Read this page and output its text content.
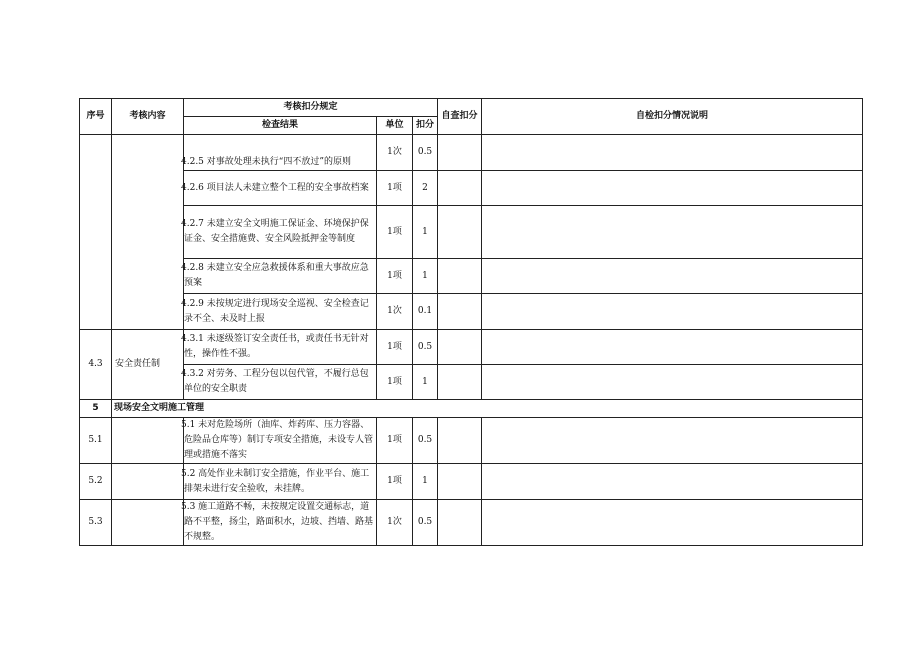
序号	考核内容	考核扣分规定			自查扣分	自检扣分情况说明
		检查结果	单位	扣分		
		4.2.5 对事故处理未执行“四不放过”的原则	1次	0.5		
		4.2.6 项目法人未建立整个工程的安全事故档案	1项	2		
		4.2.7 未建立安全文明施工保证金、环境保护保证金、安全措施费、安全风险抵押金等制度	1项	1		
		4.2.8 未建立安全应急救援体系和重大事故应急预案	1项	1		
		4.2.9 未按规定进行现场安全巡视、安全检查记录不全、未及时上报	1次	0.1		
4.3	安全责任制	4.3.1 未逐级签订安全责任书，或责任书无针对性，操作性不强。	1项	0.5		
		4.3.2 对劳务、工程分包以包代管，不履行总包单位的安全职责	1项	1		
5	现场安全文明施工管理					
5.1		5.1 未对危险场所（油库、炸药库、压力容器、危险品仓库等）制订专项安全措施，未设专人管理或措施不落实	1项	0.5		
5.2		5.2 高处作业未制订安全措施，作业平台、施工排架未进行安全验收，未挂牌。	1项	1		
5.3		5.3 施工道路不畅，未按规定设置交通标志，道路不平整，扬尘，路面积水，边坡、挡墙、路基不规整。	1次	0.5		
